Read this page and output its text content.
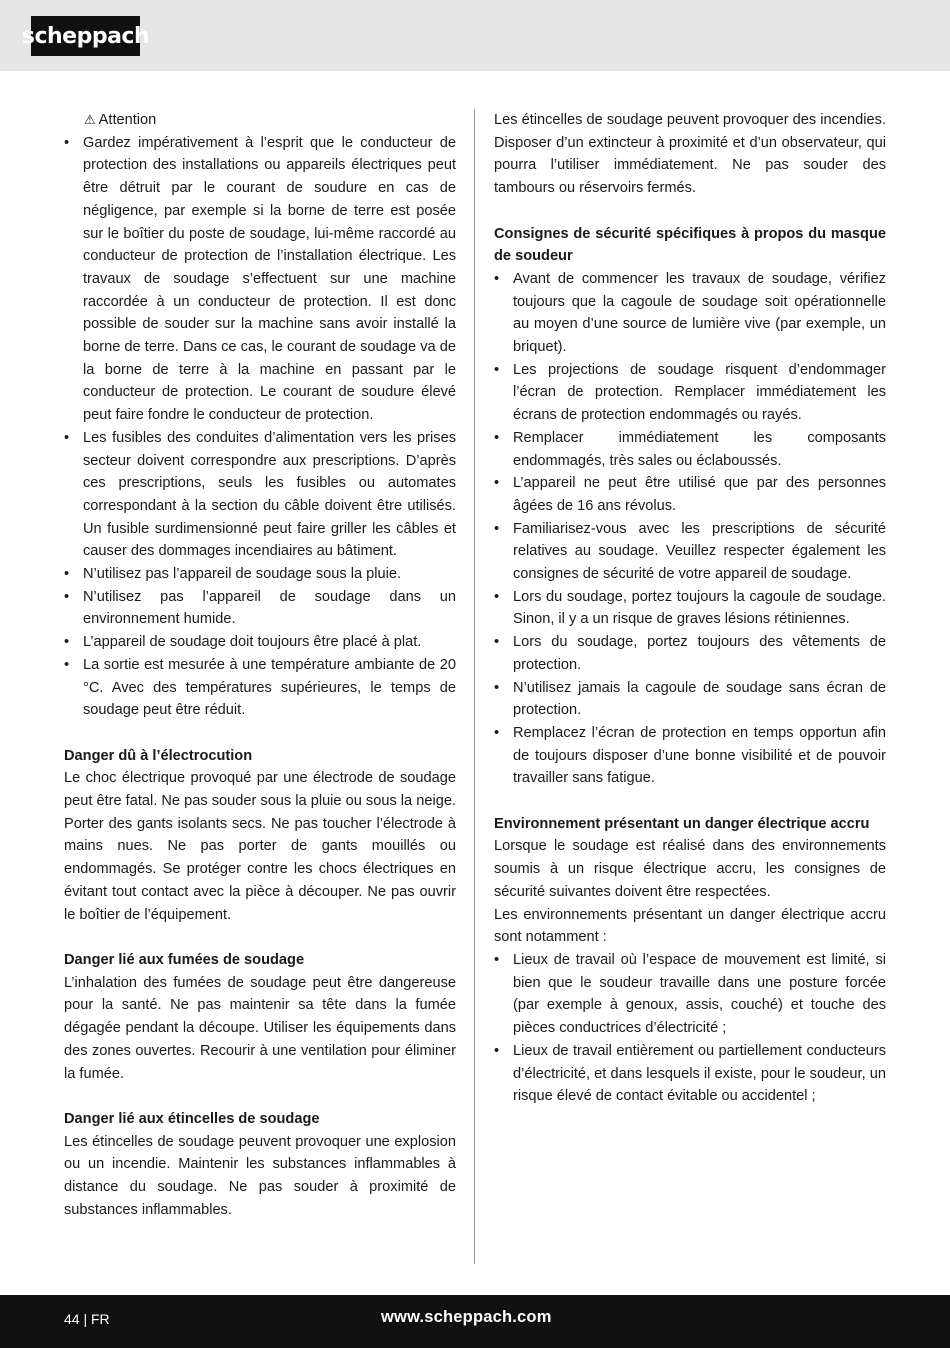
scheppach

⚠ Attention

• Gardez impérativement à l’esprit que le conducteur de protection des installations ou appareils électriques peut être détruit par le courant de soudure en cas de négligence, par exemple si la borne de terre est posée sur le boîtier du poste de soudage, lui-même raccordé au conducteur de protection de l’installation électrique. Les travaux de soudage s’effectuent sur une machine raccordée à un conducteur de protection. Il est donc possible de souder sur la machine sans avoir installé la borne de terre. Dans ce cas, le courant de soudage va de la borne de terre à la machine en passant par le conducteur de protection. Le courant de soudure élevé peut faire fondre le conducteur de protection.
• Les fusibles des conduites d’alimentation vers les prises secteur doivent correspondre aux prescriptions. D’après ces prescriptions, seuls les fusibles ou automates correspondant à la section du câble doivent être utilisés. Un fusible surdimensionné peut faire griller les câbles et causer des dommages incendiaires au bâtiment.
• N’utilisez pas l’appareil de soudage sous la pluie.
• N’utilisez pas l’appareil de soudage dans un environnement humide.
• L’appareil de soudage doit toujours être placé à plat.
• La sortie est mesurée à une température ambiante de 20 °C. Avec des températures supérieures, le temps de soudage peut être réduit.

Danger dû à l’électrocution

Le choc électrique provoqué par une électrode de soudage peut être fatal. Ne pas souder sous la pluie ou sous la neige. Porter des gants isolants secs. Ne pas toucher l’électrode à mains nues. Ne pas porter de gants mouillés ou endommagés. Se protéger contre les chocs électriques en évitant tout contact avec la pièce à découper. Ne pas ouvrir le boîtier de l’équipement.

Danger lié aux fumées de soudage

L’inhalation des fumées de soudage peut être dangereuse pour la santé. Ne pas maintenir sa tête dans la fumée dégagée pendant la découpe. Utiliser les équipements dans des zones ouvertes. Recourir à une ventilation pour éliminer la fumée.

Danger lié aux étincelles de soudage

Les étincelles de soudage peuvent provoquer une explosion ou un incendie. Maintenir les substances inflammables à distance du soudage. Ne pas souder à proximité de substances inflammables.

Les étincelles de soudage peuvent provoquer des incendies. Disposer d’un extincteur à proximité et d’un observateur, qui pourra l’utiliser immédiatement. Ne pas souder des tambours ou réservoirs fermés.

Consignes de sécurité spécifiques à propos du masque de soudeur

• Avant de commencer les travaux de soudage, vérifiez toujours que la cagoule de soudage soit opérationnelle au moyen d’une source de lumière vive (par exemple, un briquet).
• Les projections de soudage risquent d’endommager l’écran de protection. Remplacer immédiatement les écrans de protection endommagés ou rayés.
• Remplacer immédiatement les composants endommagés, très sales ou éclaboussés.
• L’appareil ne peut être utilisé que par des personnes âgées de 16 ans révolus.
• Familiarisez-vous avec les prescriptions de sécurité relatives au soudage. Veuillez respecter également les consignes de sécurité de votre appareil de soudage.
• Lors du soudage, portez toujours la cagoule de soudage. Sinon, il y a un risque de graves lésions rétiniennes.
• Lors du soudage, portez toujours des vêtements de protection.
• N’utilisez jamais la cagoule de soudage sans écran de protection.
• Remplacez l’écran de protection en temps opportun afin de toujours disposer d’une bonne visibilité et de pouvoir travailler sans fatigue.

Environnement présentant un danger électrique accru

Lorsque le soudage est réalisé dans des environnements soumis à un risque électrique accru, les consignes de sécurité suivantes doivent être respectées.

Les environnements présentant un danger électrique accru sont notamment :

• Lieux de travail où l’espace de mouvement est limité, si bien que le soudeur travaille dans une posture forcée (par exemple à genoux, assis, couché) et touche des pièces conductrices d’électricité ;
• Lieux de travail entièrement ou partiellement conducteurs d’électricité, et dans lesquels il existe, pour le soudeur, un risque élevé de contact évitable ou accidentel ;
44 | FR	www.scheppach.com
